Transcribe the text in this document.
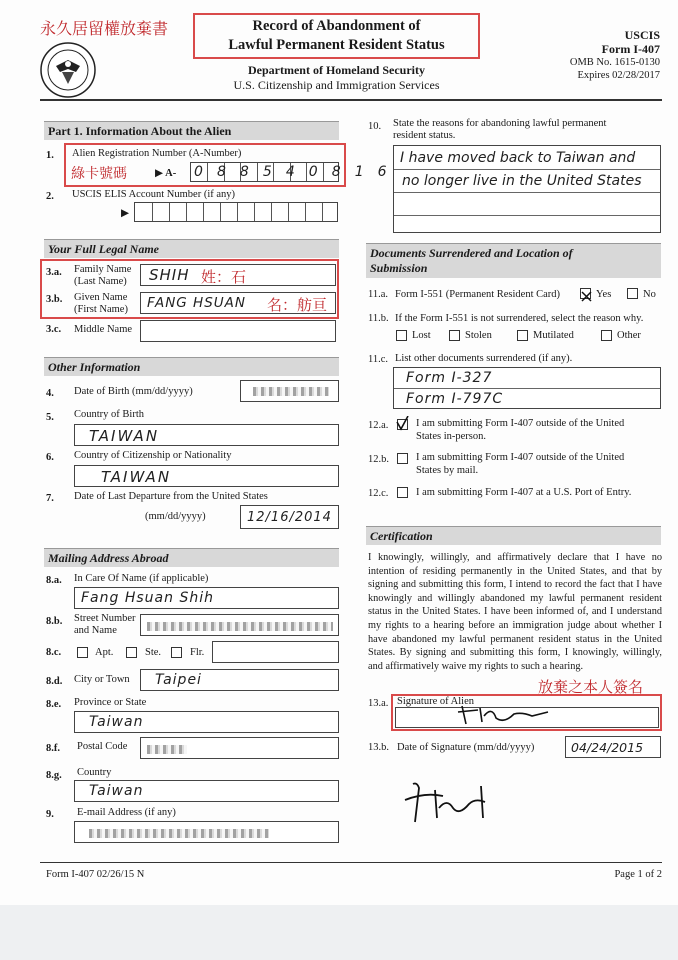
永久居留權放棄書	Record of Abandonment of
Lawful Permanent Resident Status
Department of Homeland Security
U.S. Citizenship and Immigration Services
USCIS
Form I-407
OMB No. 1615-0130
Expires 02/28/2017
Part 1. Information About the Alien
1. Alien Registration Number (A-Number)
綠卡號碼	▶ A- 0 8 8 5 4 0 8 1 6
2. USCIS ELIS Account Number (if any)
▶
Your Full Legal Name
3.a. Family Name
(Last Name)	SHIH 姓：石
3.b. Given Name
(First Name) FANG HSUAN 名：舫亘
3.c. Middle Name
Other Information
4. Date of Birth (mm/dd/yyyy)
5. Country of Birth
TAIWAN
6. Country of Citizenship or Nationality
TAIWAN
7. Date of Last Departure from the United States
(mm/dd/yyyy)	12/16/2014
Mailing Address Abroad
8.a. In Care Of Name (if applicable)
Fang Hsuan Shih
8.b. Street Number
and Name
8.c.	Apt.	Ste.	Flr.
8.d. City or Town Taipei
8.e. Province or State
Taiwan
8.f. Postal Code
8.g. Country
Taiwan
9. E-mail Address (if any)
10. State the reasons for abandoning lawful permanent
resident status.
I have moved back to Taiwan and
no longer live in the United States
Documents Surrendered and Location of
Submission
11.a. Form I-551 (Permanent Resident Card)	Yes	No
11.b. If the Form I-551 is not surrendered, select the reason why.
Lost	Stolen	Mutilated	Other
11.c. List other documents surrendered (if any).
Form I-327
Form I-797C
12.a.	I am submitting Form I-407 outside of the United
States in-person.
12.b.	I am submitting Form I-407 outside of the United
States by mail.
12.c.	I am submitting Form I-407 at a U.S. Port of Entry.
Certification
I knowingly, willingly, and affirmatively declare that I have no intention of residing permanently in the United States, and that by signing and submitting this form, I intend to record the fact that I have knowingly and willingly abandoned my lawful permanent resident status in the United States. I have been informed of, and I understand my rights to a hearing before an immigration judge about whether I have abandoned my lawful permanent resident status in the United States. By signing and submitting this form, I knowingly, willingly, and affirmatively waive my rights to such a hearing.
放棄之本人簽名
13.a. Signature of Alien
13.b. Date of Signature (mm/dd/yyyy)	04/24/2015
Form I-407 02/26/15 N	Page 1 of 2
